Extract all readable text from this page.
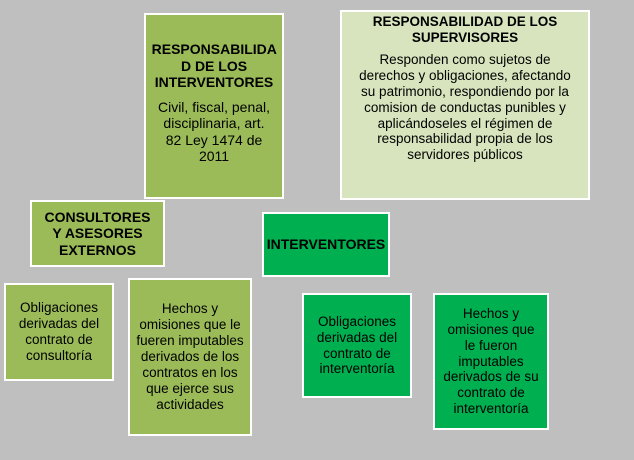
RESPONSABILIDA D DE LOS INTERVENTORES
Civil, fiscal, penal, disciplinaria, art. 82 Ley 1474 de 2011
RESPONSABILIDAD DE LOS SUPERVISORES
Responden como sujetos de derechos y obligaciones, afectando su patrimonio, respondiendo por la comision de conductas punibles y aplicándoseles el régimen de responsabilidad propia de los servidores públicos
CONSULTORES Y ASESORES EXTERNOS	INTERVENTORES
Obligaciones derivadas del contrato de consultoría
Hechos y omisiones que le fueren imputables derivados de los contratos en los que ejerce sus actividades
Obligaciones derivadas del contrato de interventoría
Hechos y omisiones que le fueron imputables derivados de su contrato de interventoría
